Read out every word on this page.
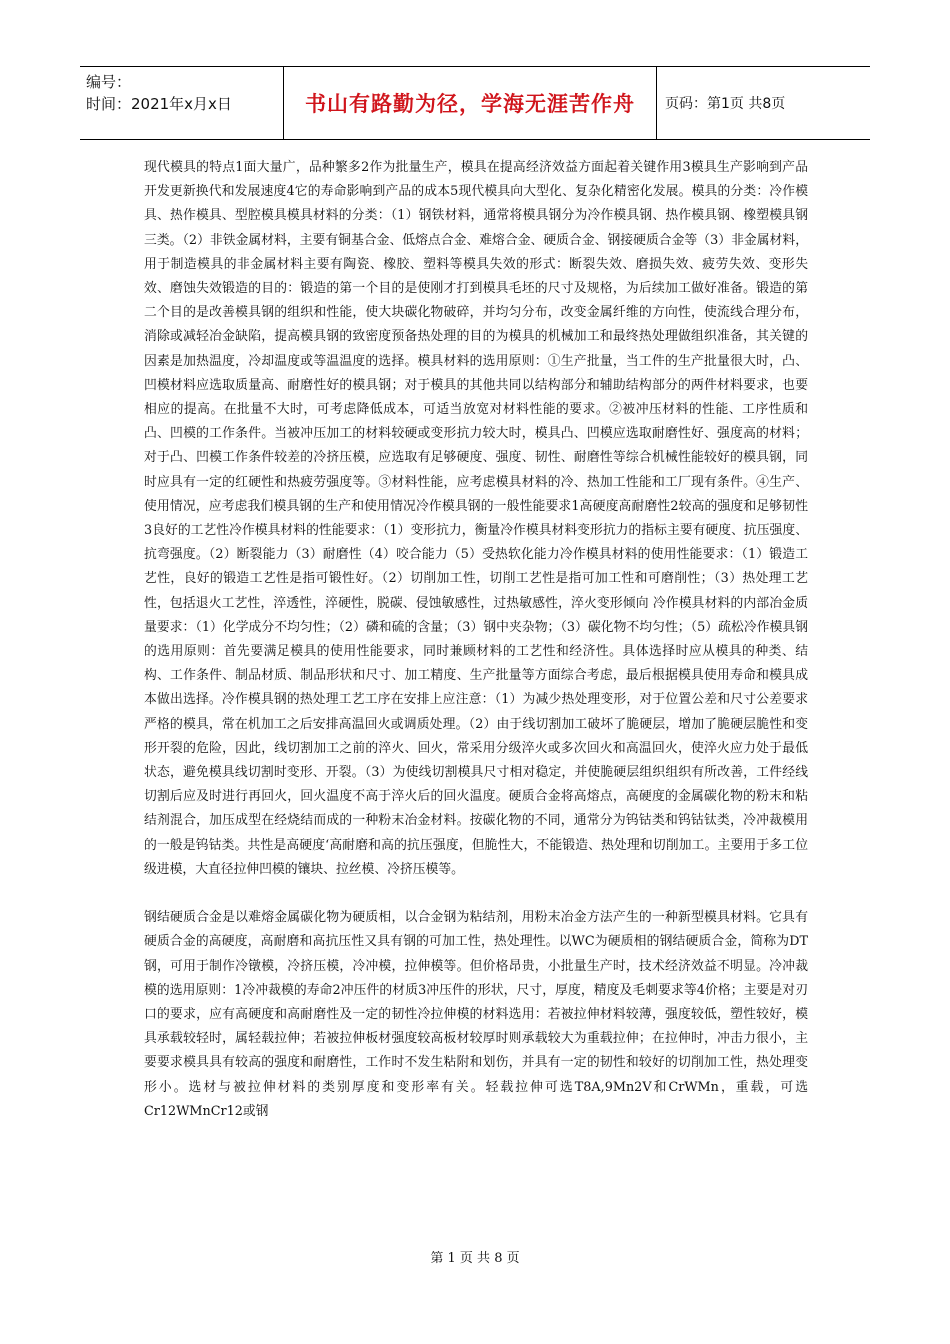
编号：
时间：2021年x月x日	书山有路勤为径，学海无涯苦作舟	页码：第1页 共8页

现代模具的特点1面大量广，品种繁多2作为批量生产，模具在提高经济效益方面起着关键作用3模具生产影响到产品开发更新换代和发展速度4它的寿命影响到产品的成本5现代模具向大型化、复杂化精密化发展。模具的分类：冷作模具、热作模具、型腔模具模具材料的分类：（1）钢铁材料，通常将模具钢分为冷作模具钢、热作模具钢、橡塑模具钢三类。（2）非铁金属材料，主要有铜基合金、低熔点合金、难熔合金、硬质合金、钢接硬质合金等（3）非金属材料，用于制造模具的非金属材料主要有陶瓷、橡胶、塑料等模具失效的形式：断裂失效、磨损失效、疲劳失效、变形失效、磨蚀失效锻造的目的：锻造的第一个目的是使刚才打到模具毛坯的尺寸及规格，为后续加工做好准备。锻造的第二个目的是改善模具钢的组织和性能，使大块碳化物破碎，并均匀分布，改变金属纤维的方向性，使流线合理分布，消除或减轻冶金缺陷，提高模具钢的致密度预备热处理的目的为模具的机械加工和最终热处理做组织准备，其关键的因素是加热温度，冷却温度或等温温度的选择。模具材料的选用原则：①生产批量，当工件的生产批量很大时，凸、凹模材料应选取质量高、耐磨性好的模具钢；对于模具的其他共同以结构部分和辅助结构部分的两件材料要求，也要相应的提高。在批量不大时，可考虑降低成本，可适当放宽对材料性能的要求。②被冲压材料的性能、工序性质和凸、凹模的工作条件。当被冲压加工的材料较硬或变形抗力较大时，模具凸、凹模应选取耐磨性好、强度高的材料；对于凸、凹模工作条件较差的冷挤压模，应选取有足够硬度、强度、韧性、耐磨性等综合机械性能较好的模具钢，同时应具有一定的红硬性和热疲劳强度等。③材料性能，应考虑模具材料的冷、热加工性能和工厂现有条件。④生产、使用情况，应考虑我们模具钢的生产和使用情况冷作模具钢的一般性能要求1高硬度高耐磨性2较高的强度和足够韧性3良好的工艺性冷作模具材料的性能要求：（1）变形抗力，衡量冷作模具材料变形抗力的指标主要有硬度、抗压强度、抗弯强度。（2）断裂能力（3）耐磨性（4）咬合能力（5）受热软化能力冷作模具材料的使用性能要求：（1）锻造工艺性，良好的锻造工艺性是指可锻性好。（2）切削加工性，切削工艺性是指可加工性和可磨削性；（3）热处理工艺性，包括退火工艺性，淬透性，淬硬性，脱碳、侵蚀敏感性，过热敏感性，淬火变形倾向 冷作模具材料的内部冶金质量要求：（1）化学成分不均匀性；（2）磷和硫的含量；（3）钢中夹杂物；（3）碳化物不均匀性；（5）疏松冷作模具钢的选用原则：首先要满足模具的使用性能要求，同时兼顾材料的工艺性和经济性。具体选择时应从模具的种类、结构、工作条件、制品材质、制品形状和尺寸、加工精度、生产批量等方面综合考虑，最后根据模具使用寿命和模具成本做出选择。冷作模具钢的热处理工艺工序在安排上应注意：（1）为减少热处理变形，对于位置公差和尺寸公差要求严格的模具，常在机加工之后安排高温回火或调质处理。（2）由于线切割加工破坏了脆硬层，增加了脆硬层脆性和变形开裂的危险，因此，线切割加工之前的淬火、回火，常采用分级淬火或多次回火和高温回火，使淬火应力处于最低状态，避免模具线切割时变形、开裂。（3）为使线切割模具尺寸相对稳定，并使脆硬层组织组织有所改善，工件经线切割后应及时进行再回火，回火温度不高于淬火后的回火温度。硬质合金将高熔点，高硬度的金属碳化物的粉末和粘结剂混合，加压成型在经烧结而成的一种粉末冶金材料。按碳化物的不同，通常分为钨钴类和钨钴钛类，冷冲裁模用的一般是钨钴类。共性是高硬度‘高耐磨和高的抗压强度，但脆性大，不能锻造、热处理和切削加工。主要用于多工位级进模，大直径拉伸凹模的镶块、拉丝模、冷挤压模等。

钢结硬质合金是以难熔金属碳化物为硬质相，以合金钢为粘结剂，用粉末冶金方法产生的一种新型模具材料。它具有硬质合金的高硬度，高耐磨和高抗压性又具有钢的可加工性，热处理性。以WC为硬质相的钢结硬质合金，简称为DT钢，可用于制作冷镦模，冷挤压模，冷冲模，拉伸模等。但价格昂贵，小批量生产时，技术经济效益不明显。冷冲裁模的选用原则：1冷冲裁模的寿命2冲压件的材质3冲压件的形状，尺寸，厚度，精度及毛刺要求等4价格；主要是对刃口的要求，应有高硬度和高耐磨性及一定的韧性冷拉伸模的材料选用：若被拉伸材料较薄，强度较低，塑性较好，模具承载较轻时，属轻载拉伸；若被拉伸板材强度较高板材较厚时则承载较大为重载拉伸；在拉伸时，冲击力很小，主要要求模具具有较高的强度和耐磨性，工作时不发生粘附和划伤，并具有一定的韧性和较好的切削加工性，热处理变形小。选材与被拉伸材料的类别厚度和变形率有关。轻载拉伸可选T8A,9Mn2V和CrWMn，重载，可选Cr12WMnCr12或钢

第 1 页 共 8 页
